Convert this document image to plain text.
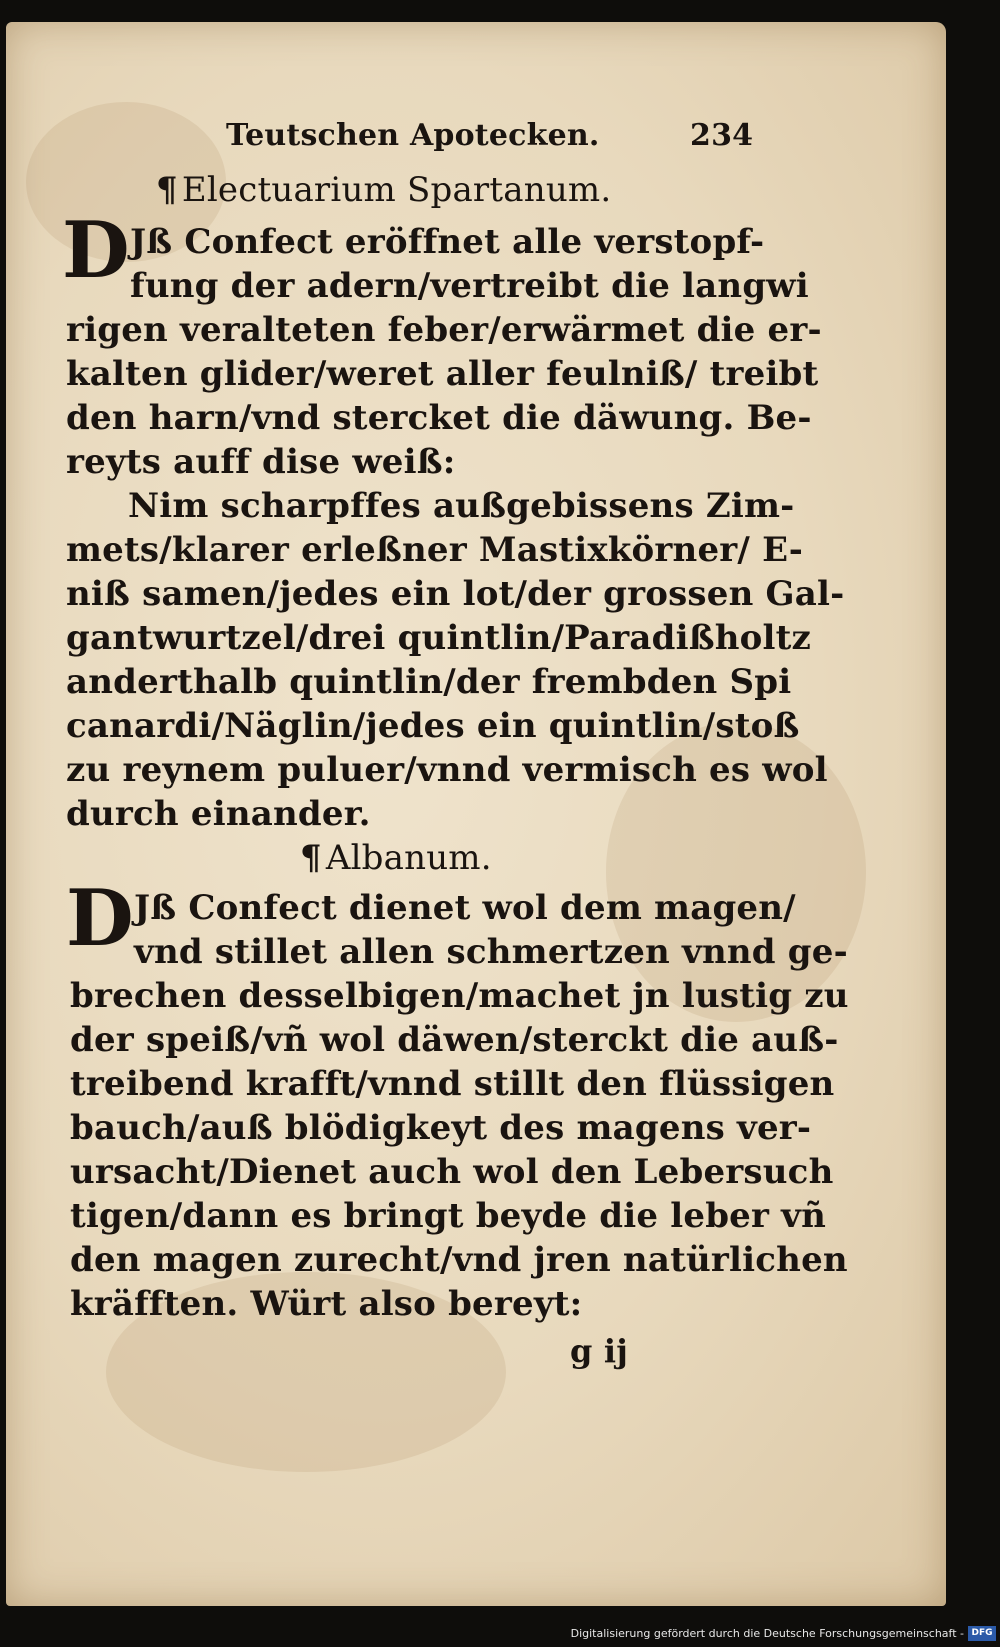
Teutschen Apotecken.	234
¶ Electuarium Spartanum.
D Jß Confect eröffnet alle verstopf-
fung der adern/vertreibt die langwi
rigen veralteten feber/erwärmet die er-
kalten glider/weret aller feulniß/ treibt
den harn/vnd stercket die däwung. Be-
reyts auff dise weiß:
Nim scharpffes außgebissens Zim-
mets/klarer erleßner Mastixkörner/ E-
niß samen/jedes ein lot/der grossen Gal-
gantwurtzel/drei quintlin/Paradißholtz
anderthalb quintlin/der frembden Spi
canardi/Näglin/jedes ein quintlin/stoß
zu reynem puluer/vnnd vermisch es wol
durch einander.
¶ Albanum.
D Jß Confect dienet wol dem magen/
vnd stillet allen schmertzen vnnd ge-
brechen desselbigen/machet jn lustig zu
der speiß/vñ wol däwen/sterckt die auß-
treibend krafft/vnnd stillt den flüssigen
bauch/auß blödigkeyt des magens ver-
ursacht/Dienet auch wol den Lebersuch
tigen/dann es bringt beyde die leber vñ
den magen zurecht/vnd jren natürlichen
kräfften. Würt also bereyt:
g ij
Digitalisierung gefördert durch die Deutsche Forschungsgemeinschaft - DFG
